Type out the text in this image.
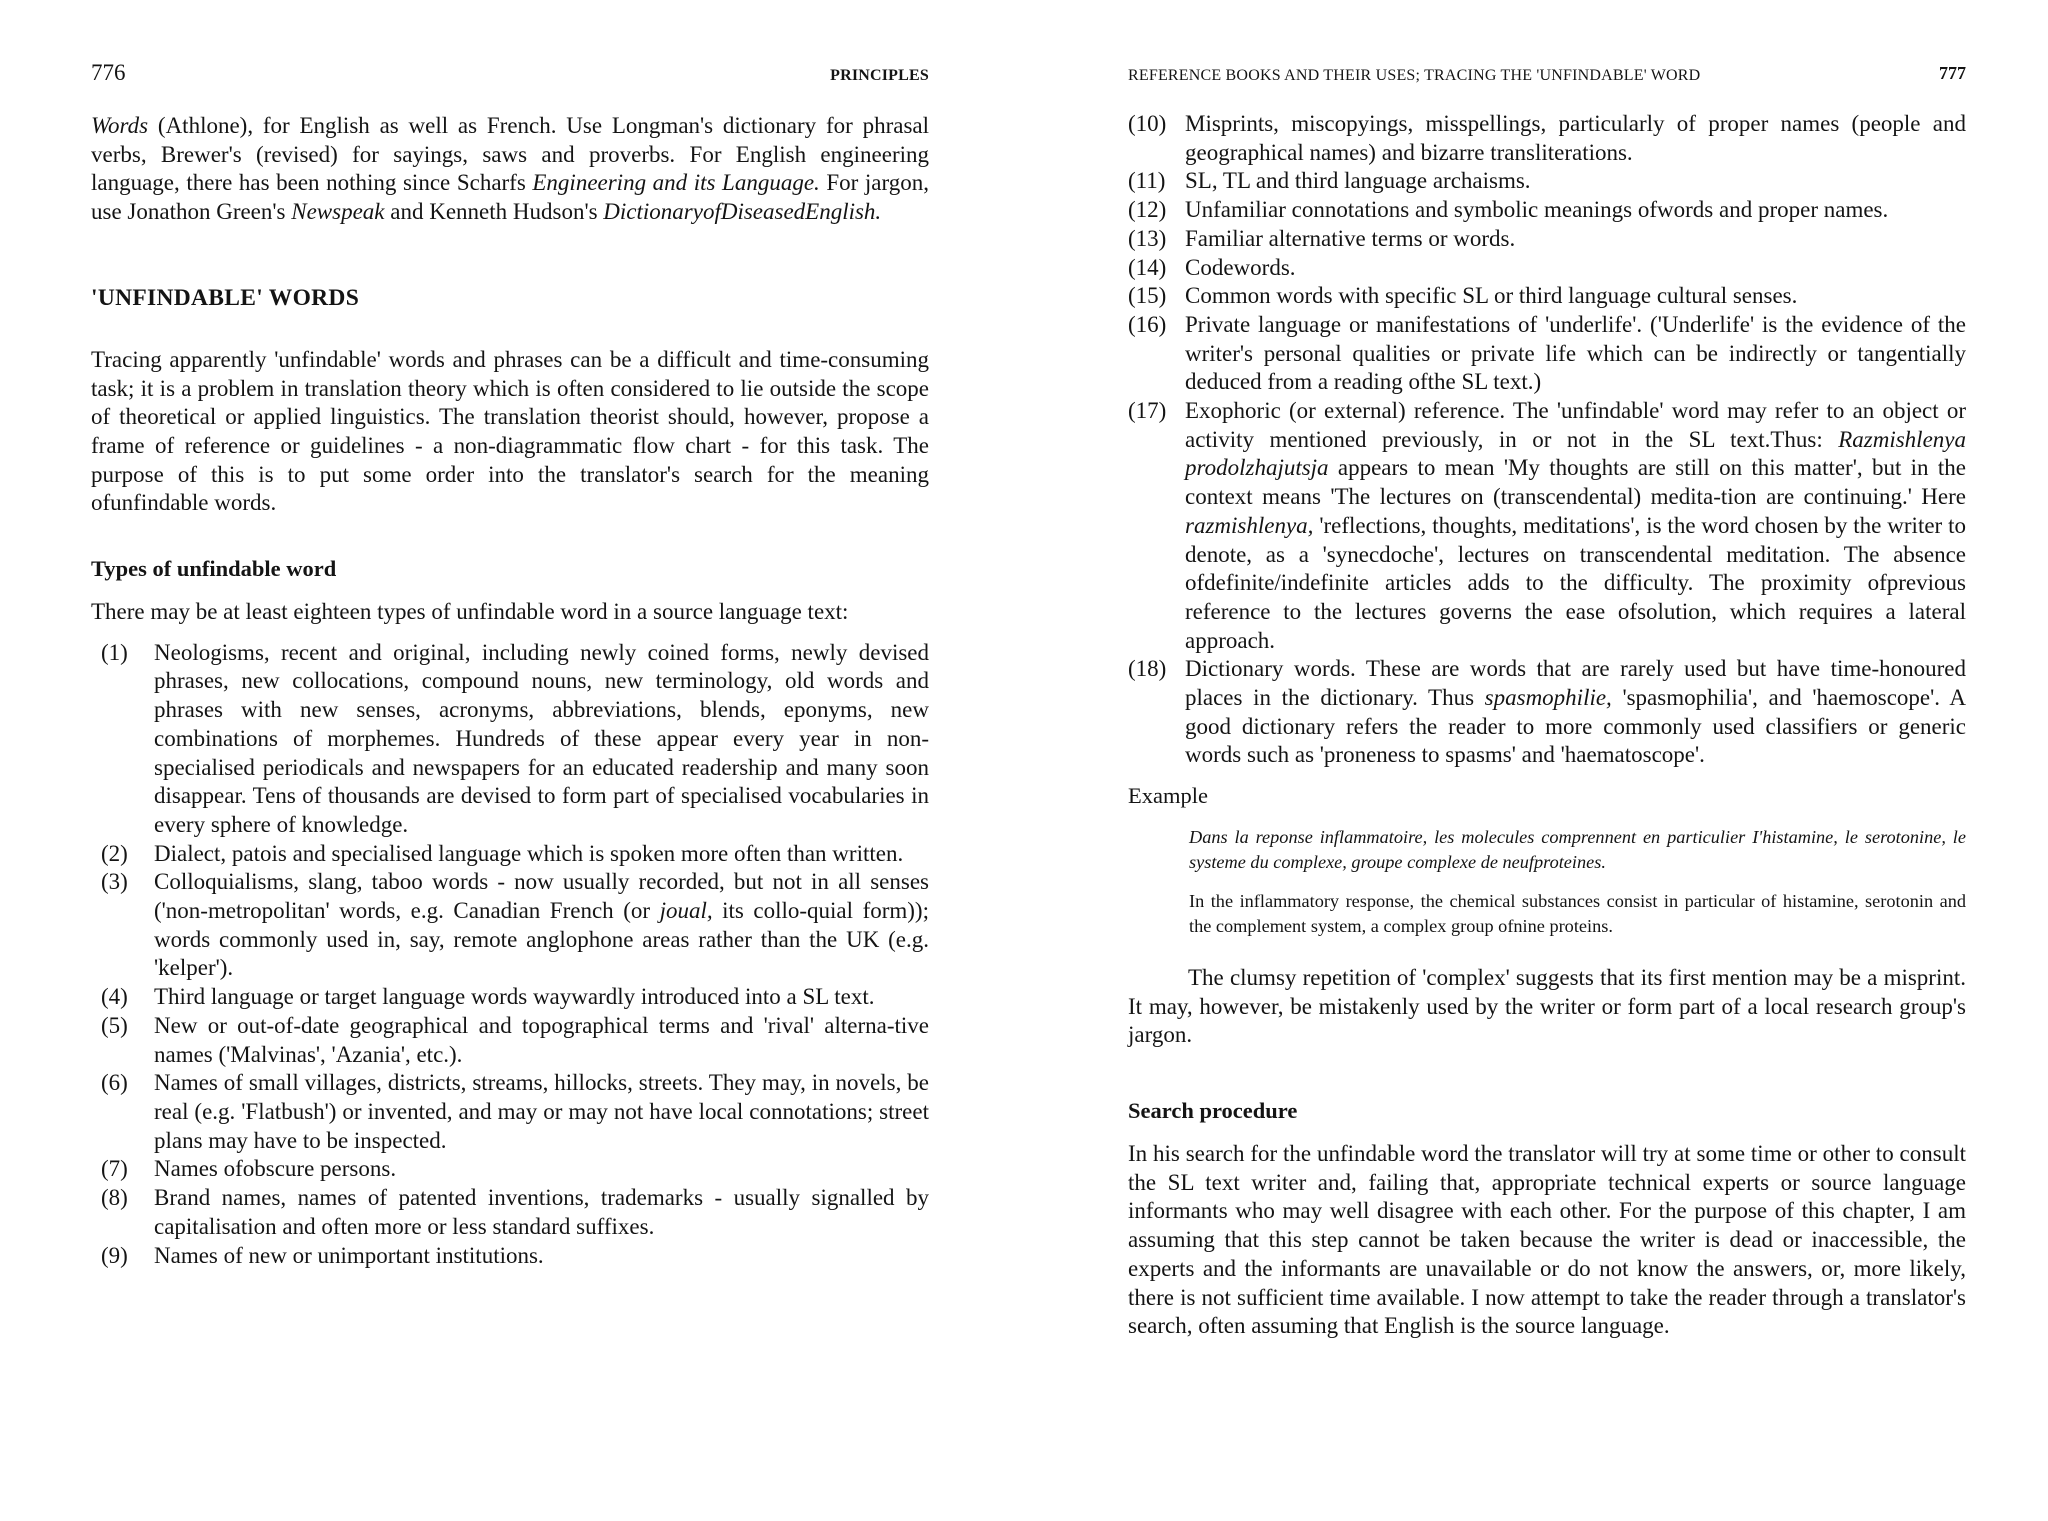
776	PRINCIPLES

Words (Athlone), for English as well as French. Use Longman's dictionary for phrasal verbs, Brewer's (revised) for sayings, saws and proverbs. For English engineering language, there has been nothing since Scharfs Engineering and its Language. For jargon, use Jonathon Green's Newspeak and Kenneth Hudson's DictionaryofDiseasedEnglish.

'UNFINDABLE' WORDS

Tracing apparently 'unfindable' words and phrases can be a difficult and time-consuming task; it is a problem in translation theory which is often considered to lie outside the scope of theoretical or applied linguistics. The translation theorist should, however, propose a frame of reference or guidelines - a non-diagrammatic flow chart - for this task. The purpose of this is to put some order into the translator's search for the meaning ofunfindable words.

Types of unfindable word

There may be at least eighteen types of unfindable word in a source language text:

(1) Neologisms, recent and original, including newly coined forms, newly devised phrases, new collocations, compound nouns, new terminology, old words and phrases with new senses, acronyms, abbreviations, blends, eponyms, new combinations of morphemes. Hundreds of these appear every year in non-specialised periodicals and newspapers for an educated readership and many soon disappear. Tens of thousands are devised to form part of specialised vocabularies in every sphere of knowledge.
(2) Dialect, patois and specialised language which is spoken more often than written.
(3) Colloquialisms, slang, taboo words - now usually recorded, but not in all senses ('non-metropolitan' words, e.g. Canadian French (or joual, its collo-quial form)); words commonly used in, say, remote anglophone areas rather than the UK (e.g. 'kelper').
(4) Third language or target language words waywardly introduced into a SL text.
(5) New or out-of-date geographical and topographical terms and 'rival' alterna-tive names ('Malvinas', 'Azania', etc.).
(6) Names of small villages, districts, streams, hillocks, streets. They may, in novels, be real (e.g. 'Flatbush') or invented, and may or may not have local connotations; street plans may have to be inspected.
(7) Names ofobscure persons.
(8) Brand names, names of patented inventions, trademarks - usually signalled by capitalisation and often more or less standard suffixes.
(9) Names of new or unimportant institutions.
REFERENCE BOOKS AND THEIR USES; TRACING THE 'UNFINDABLE' WORD	777
(10) Misprints, miscopyings, misspellings, particularly of proper names (people and geographical names) and bizarre transliterations.
(11) SL, TL and third language archaisms.
(12) Unfamiliar connotations and symbolic meanings ofwords and proper names.
(13) Familiar alternative terms or words.
(14) Codewords.
(15) Common words with specific SL or third language cultural senses.
(16) Private language or manifestations of 'underlife'. ('Underlife' is the evidence of the writer's personal qualities or private life which can be indirectly or tangentially deduced from a reading ofthe SL text.)
(17) Exophoric (or external) reference. The 'unfindable' word may refer to an object or activity mentioned previously, in or not in the SL text.Thus: Razmishlenya prodolzhajutsja appears to mean 'My thoughts are still on this matter', but in the context means 'The lectures on (transcendental) medita-tion are continuing.' Here razmishlenya, 'reflections, thoughts, meditations', is the word chosen by the writer to denote, as a 'synecdoche', lectures on transcendental meditation. The absence ofdefinite/indefinite articles adds to the difficulty. The proximity ofprevious reference to the lectures governs the ease ofsolution, which requires a lateral approach.
(18) Dictionary words. These are words that are rarely used but have time-honoured places in the dictionary. Thus spasmophilie, 'spasmophilia', and 'haemoscope'. A good dictionary refers the reader to more commonly used classifiers or generic words such as 'proneness to spasms' and 'haematoscope'.

Example

Dans la reponse inflammatoire, les molecules comprennent en particulier I'histamine, le serotonine, le systeme du complexe, groupe complexe de neufproteines.

In the inflammatory response, the chemical substances consist in particular of histamine, serotonin and the complement system, a complex group ofnine proteins.

The clumsy repetition of 'complex' suggests that its first mention may be a misprint. It may, however, be mistakenly used by the writer or form part of a local research group's jargon.

Search procedure

In his search for the unfindable word the translator will try at some time or other to consult the SL text writer and, failing that, appropriate technical experts or source language informants who may well disagree with each other. For the purpose of this chapter, I am assuming that this step cannot be taken because the writer is dead or inaccessible, the experts and the informants are unavailable or do not know the answers, or, more likely, there is not sufficient time available. I now attempt to take the reader through a translator's search, often assuming that English is the source language.
